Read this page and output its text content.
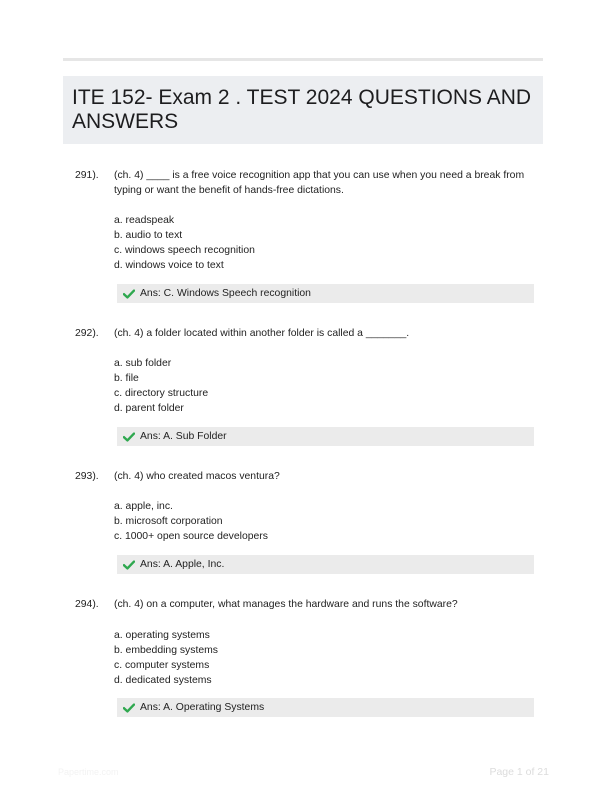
ITE 152- Exam 2 . TEST 2024 QUESTIONS AND ANSWERS
291). (ch. 4) ____ is a free voice recognition app that you can use when you need a break from typing or want the benefit of hands-free dictations.
a. readspeak
b. audio to text
c. windows speech recognition
d. windows voice to text
Ans: C. Windows Speech recognition
292). (ch. 4) a folder located within another folder is called a _______.
a. sub folder
b. file
c. directory structure
d. parent folder
Ans: A. Sub Folder
293). (ch. 4) who created macos ventura?
a. apple, inc.
b. microsoft corporation
c. 1000+ open source developers
Ans: A. Apple, Inc.
294). (ch. 4) on a computer, what manages the hardware and runs the software?
a. operating systems
b. embedding systems
c. computer systems
d. dedicated systems
Ans: A. Operating Systems
Papertime.com	Page 1 of 21
